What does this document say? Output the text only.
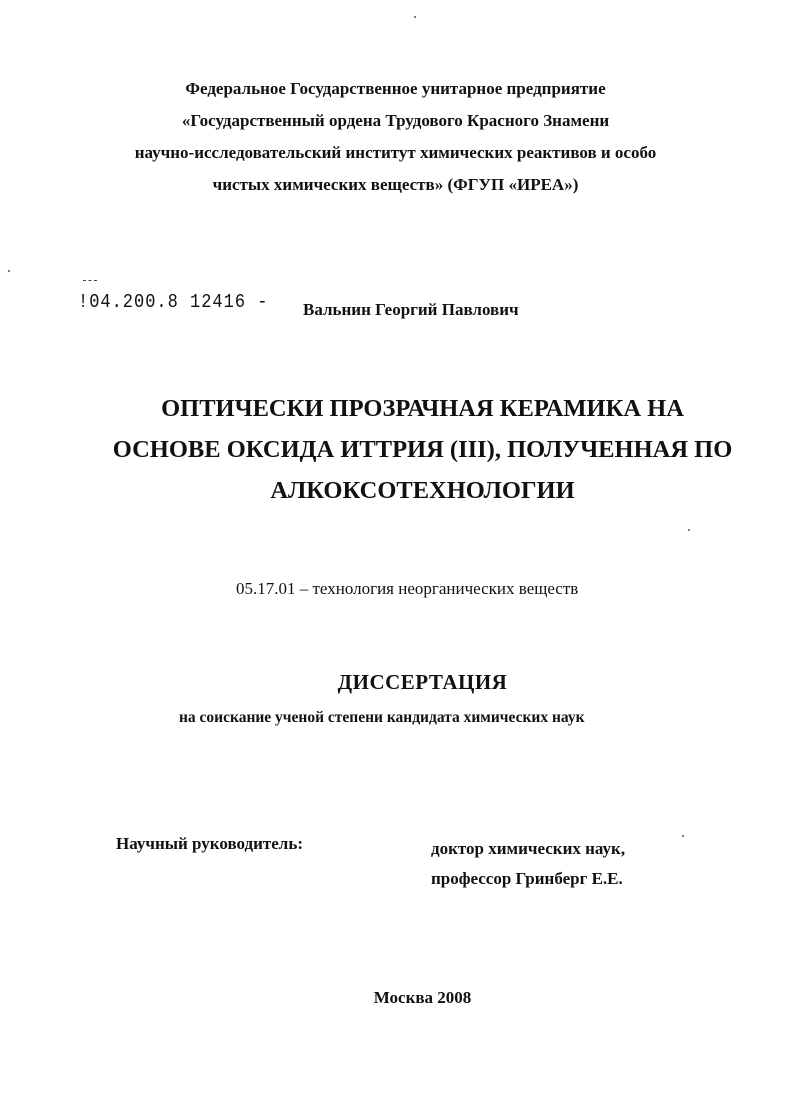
Федеральное Государственное унитарное предприятие
«Государственный ордена Трудового Красного Знамени
научно-исследовательский институт химических реактивов и особо
чистых химических веществ» (ФГУП «ИРЕА»)
!04.200.8 12416 - Вальнин Георгий Павлович
ОПТИЧЕСКИ ПРОЗРАЧНАЯ КЕРАМИКА НА
ОСНОВЕ ОКСИДА ИТТРИЯ (III), ПОЛУЧЕННАЯ ПО
АЛКОКСОТЕХНОЛОГИИ
05.17.01 – технология неорганических веществ
ДИССЕРТАЦИЯ
на соискание ученой степени кандидата химических наук
Научный руководитель:	доктор химических наук,
профессор Гринберг Е.Е.
Москва 2008
